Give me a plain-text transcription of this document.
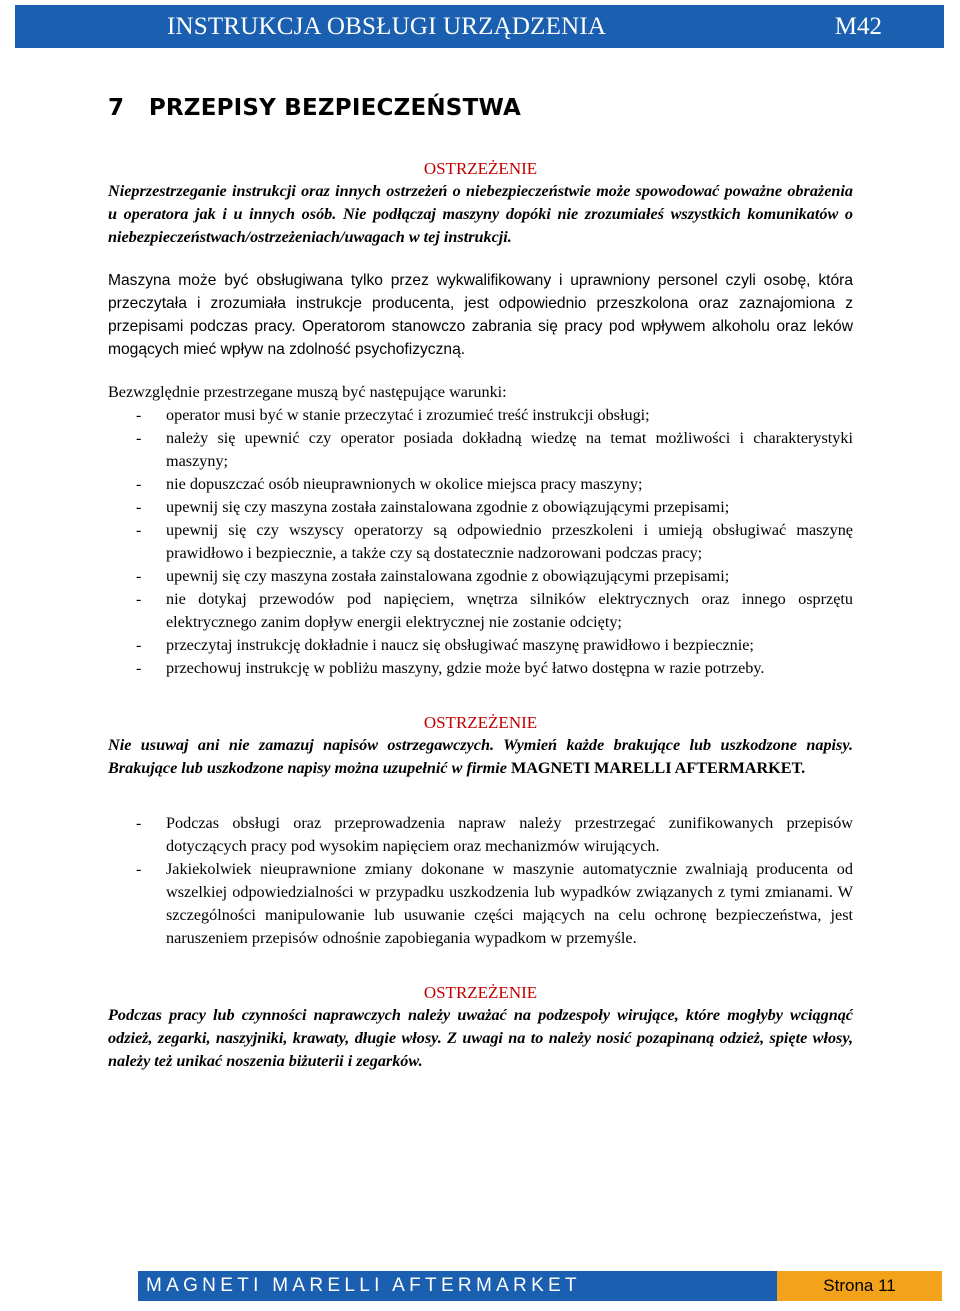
INSTRUKCJA OBSŁUGI URZĄDZENIA	M42
7 PRZEPISY BEZPIECZEŃSTWA
OSTRZEŻENIE
Nieprzestrzeganie instrukcji oraz innych ostrzeżeń o niebezpieczeństwie może spowodować poważne obrażenia u operatora jak i u innych osób. Nie podłączaj maszyny dopóki nie zrozumiałeś wszystkich komunikatów o niebezpieczeństwach/ostrzeżeniach/uwagach w tej instrukcji.

Maszyna może być obsługiwana tylko przez wykwalifikowany i uprawniony personel czyli osobę, która przeczytała i zrozumiała instrukcje producenta, jest odpowiednio przeszkolona oraz zaznajomiona z przepisami podczas pracy. Operatorom stanowczo zabrania się pracy pod wpływem alkoholu oraz leków mogących mieć wpływ na zdolność psychofizyczną.

Bezwzględnie przestrzegane muszą być następujące warunki:

- operator musi być w stanie przeczytać i zrozumieć treść instrukcji obsługi;
- należy się upewnić czy operator posiada dokładną wiedzę na temat możliwości i charakterystyki maszyny;
- nie dopuszczać osób nieuprawnionych w okolice miejsca pracy maszyny;
- upewnij się czy maszyna została zainstalowana zgodnie z obowiązującymi przepisami;
- upewnij się czy wszyscy operatorzy są odpowiednio przeszkoleni i umieją obsługiwać maszynę prawidłowo i bezpiecznie, a także czy są dostatecznie nadzorowani podczas pracy;
- upewnij się czy maszyna została zainstalowana zgodnie z obowiązującymi przepisami;
- nie dotykaj przewodów pod napięciem, wnętrza silników elektrycznych oraz innego osprzętu elektrycznego zanim dopływ energii elektrycznej nie zostanie odcięty;
- przeczytaj instrukcję dokładnie i naucz się obsługiwać maszynę prawidłowo i bezpiecznie;
- przechowuj instrukcję w pobliżu maszyny, gdzie może być łatwo dostępna w razie potrzeby.
OSTRZEŻENIE
Nie usuwaj ani nie zamazuj napisów ostrzegawczych. Wymień każde brakujące lub uszkodzone napisy. Brakujące lub uszkodzone napisy można uzupełnić w firmie MAGNETI MARELLI AFTERMARKET.
- Podczas obsługi oraz przeprowadzenia napraw należy przestrzegać zunifikowanych przepisów dotyczących pracy pod wysokim napięciem oraz mechanizmów wirujących.
- Jakiekolwiek nieuprawnione zmiany dokonane w maszynie automatycznie zwalniają producenta od wszelkiej odpowiedzialności w przypadku uszkodzenia lub wypadków związanych z tymi zmianami. W szczególności manipulowanie lub usuwanie części mających na celu ochronę bezpieczeństwa, jest naruszeniem przepisów odnośnie zapobiegania wypadkom w przemyśle.
OSTRZEŻENIE
Podczas pracy lub czynności naprawczych należy uważać na podzespoły wirujące, które mogłyby wciągnąć odzież, zegarki, naszyjniki, krawaty, długie włosy. Z uwagi na to należy nosić pozapinaną odzież, spięte włosy, należy też unikać noszenia biżuterii i zegarków.
MAGNETI MARELLI AFTERMARKET	Strona 11
